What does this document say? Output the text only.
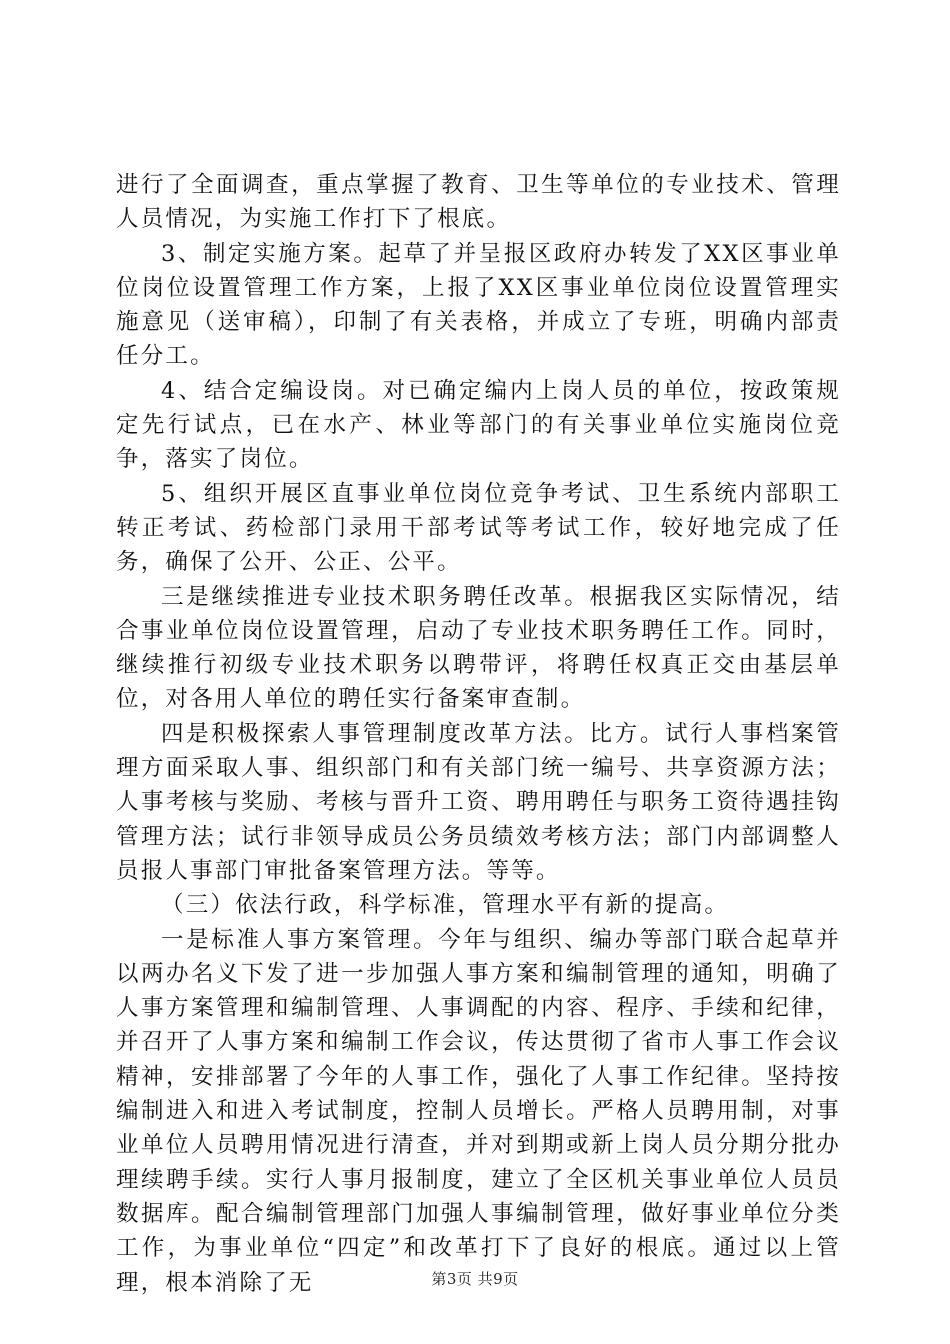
进行了全面调查，重点掌握了教育、卫生等单位的专业技术、管理人员情况，为实施工作打下了根底。

3、制定实施方案。起草了并呈报区政府办转发了XX区事业单位岗位设置管理工作方案，上报了XX区事业单位岗位设置管理实施意见（送审稿），印制了有关表格，并成立了专班，明确内部责任分工。

4、结合定编设岗。对已确定编内上岗人员的单位，按政策规定先行试点，已在水产、林业等部门的有关事业单位实施岗位竞争，落实了岗位。

5、组织开展区直事业单位岗位竞争考试、卫生系统内部职工转正考试、药检部门录用干部考试等考试工作，较好地完成了任务，确保了公开、公正、公平。

三是继续推进专业技术职务聘任改革。根据我区实际情况，结合事业单位岗位设置管理，启动了专业技术职务聘任工作。同时，继续推行初级专业技术职务以聘带评，将聘任权真正交由基层单位，对各用人单位的聘任实行备案审查制。

四是积极探索人事管理制度改革方法。比方。试行人事档案管理方面采取人事、组织部门和有关部门统一编号、共享资源方法；人事考核与奖励、考核与晋升工资、聘用聘任与职务工资待遇挂钩管理方法；试行非领导成员公务员绩效考核方法；部门内部调整人员报人事部门审批备案管理方法。等等。

（三）依法行政，科学标准，管理水平有新的提高。

一是标准人事方案管理。今年与组织、编办等部门联合起草并以两办名义下发了进一步加强人事方案和编制管理的通知，明确了人事方案管理和编制管理、人事调配的内容、程序、手续和纪律，并召开了人事方案和编制工作会议，传达贯彻了省市人事工作会议精神，安排部署了今年的人事工作，强化了人事工作纪律。坚持按编制进入和进入考试制度，控制人员增长。严格人员聘用制，对事业单位人员聘用情况进行清查，并对到期或新上岗人员分期分批办理续聘手续。实行人事月报制度，建立了全区机关事业单位人员员数据库。配合编制管理部门加强人事编制管理，做好事业单位分类工作，为事业单位“四定”和改革打下了良好的根底。通过以上管理，根本消除了无	第3页 共9页
